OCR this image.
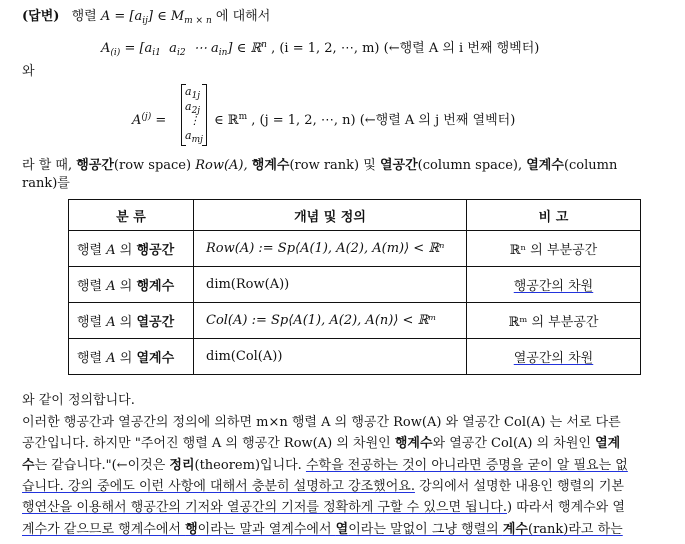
(답변) 행렬 $A = [a_{ij}]$ ∈ $M_{m \times n}$ 에 대해서
$A_{(i)} = [a_{i1}$ $a_{i2}$ ⋯ $a_{in}$] ∈ ℝ$^n$ , (i = 1, 2, ⋯, m) (←행렬 A 의 i 번째 행벡터)
와
$A^{(j)}$ =
$a_{1j}$
$a_{2j}$
⋮
$a_{mj}$
∈ ℝ$^m$ , (j = 1, 2, ⋯, n) (←행렬 A 의 j 번째 열벡터)
라 할 때, 행공간(row space) Row(A), 행계수(row rank) 및 열공간(column space), 열계수(column
rank)를
분 류	개념 및 정의	비 고
행렬 A 의 행공간	Row(A) := Sp⟨A(1), A(2), A(m)⟩ < ℝⁿ	ℝⁿ 의 부분공간
행렬 A 의 행계수	dim(Row(A))	행공간의 차원
행렬 A 의 열공간	Col(A) := Sp⟨A(1), A(2), A(n)⟩ < ℝᵐ	ℝᵐ 의 부분공간
행렬 A 의 열계수	dim(Col(A))	열공간의 차원
와 같이 정의합니다.
이러한 행공간과 열공간의 정의에 의하면 m×n 행렬 A 의 행공간 Row(A) 와 열공간 Col(A) 는 서로 다른
공간입니다. 하지만 "주어진 행렬 A 의 행공간 Row(A) 의 차원인 행계수와 열공간 Col(A) 의 차원인 열계
수는 같습니다."(←이것은 정리(theorem)입니다. 수학을 전공하는 것이 아니라면 증명을 굳이 알 필요는 없
습니다. 강의 중에도 이런 사항에 대해서 충분히 설명하고 강조했어요. 강의에서 설명한 내용인 행렬의 기본
행연산을 이용해서 행공간의 기저와 열공간의 기저를 정확하게 구할 수 있으면 됩니다.) 따라서 행계수와 열
계수가 같으므로 행계수에서 행이라는 말과 열계수에서 열이라는 말없이 그냥 행렬의 계수(rank)라고 하는
